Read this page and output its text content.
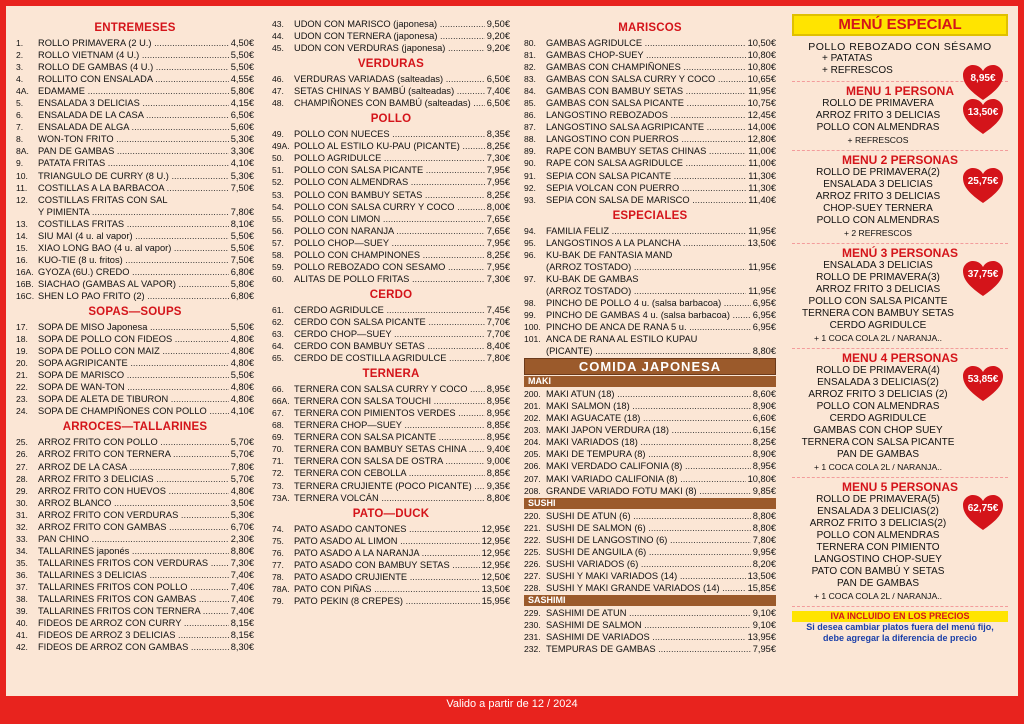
ENTREMESES
1.	ROLLO PRIMAVERA (2 U.) .....	4,50€
2.	ROLLO VIETNAM (4 U.) .....	5,50€
3.	ROLLO DE GAMBAS (4 U.) .....	5,50€
4.	ROLLITO CON ENSALADA .....	4,55€
4A. EDAMAME .....	5,80€
5.	ENSALADA 3 DELICIAS .....	4,15€
6.	ENSALADA DE LA CASA .....	6,50€
7.	ENSALADA DE ALGA .....	5,60€
8.	WON-TON FRITO .....	5,30€
8A. PAN DE GAMBAS .....	3,30€
9.	PATATA FRITAS .....	4,10€
10.	TRIANGULO DE CURRY (8 U.) .....	5,30€
11.	COSTILLAS A LA BARBACOA .....	7,50€
12.	COSTILLAS FRITAS CON SAL
Y PIMIENTA .....	7,80€
13.	COSTILLAS FRITAS .....	8,10€
14.	SIU MAI (4 u. al vapor) .....	5,50€
15.	XIAO LONG BAO (4 u. al vapor) .....	5,50€
16.	KUO-TIE (8 u. fritos) .....	7,50€
16A. GYOZA (6U.) CREDO .....	6,80€
16B. SIACHAO (GAMBAS AL VAPOR) .....	5,80€
16C. SHEN LO PAO FRITO (2) .....	6,80€
SOPAS—SOUPS
17.	SOPA DE MISO Japonesa .....	5,50€
18.	SOPA DE POLLO CON FIDEOS .....	4,80€
19.	SOPA DE POLLO CON MAIZ .....	4,80€
20.	SOPA AGRIPICANTE .....	4,80€
21.	SOPA DE MARISCO .....	5,50€
22.	SOPA DE WAN-TON .....	4,80€
23.	SOPA DE ALETA DE TIBURON .....	4,80€
24.	SOPA DE CHAMPIÑONES CON POLLO .....	4,10€
ARROCES—TALLARINES
25.	ARROZ FRITO CON POLLO .....	5,70€
26.	ARROZ FRITO CON TERNERA .....	5,70€
27.	ARROZ DE LA CASA .....	7,80€
28.	ARROZ FRITO 3 DELICIAS .....	5,70€
29.	ARROZ FRITO CON HUEVOS .....	4,80€
30.	ARROZ BLANCO .....	3,50€
31.	ARROZ FRITO CON VERDURAS .....	5,30€
32.	ARROZ FRITO CON GAMBAS .....	6,70€
33.	PAN CHINO .....	2,30€
34.	TALLARINES japonés .....	8,80€
35.	TALLARINES FRITOS CON VERDURAS .....	7,30€
36.	TALLARINES 3 DELICIAS .....	7,40€
37.	TALLARINES FRITOS CON POLLO .....	7,40€
38.	TALLARINES FRITOS CON GAMBAS .....	7,40€
39.	TALLARINES FRITOS CON TERNERA .....	7,40€
40.	FIDEOS DE ARROZ CON CURRY .....	8,15€
41.	FIDEOS DE ARROZ 3 DELICIAS .....	8,15€
42.	FIDEOS DE ARROZ CON GAMBAS .....	8,30€
43.	UDON CON MARISCO (japonesa) .....	9,50€
44.	UDON CON TERNERA (japonesa) .....	9,20€
45.	UDON CON VERDURAS (japonesa) .....	9,20€
VERDURAS
46.	VERDURAS VARIADAS (salteadas) .....	6,50€
47.	SETAS CHINAS Y BAMBÚ (salteadas) .....	7,40€
48.	CHAMPIÑONES CON BAMBÚ (salteadas) .....	6,50€
POLLO
49.	POLLO CON NUECES .....	8,35€
49A. POLLO AL ESTILO KU-PAU (PICANTE) .....	8,25€
50.	POLLO AGRIDULCE .....	7,30€
51.	POLLO CON SALSA PICANTE .....	7,95€
52.	POLLO CON ALMENDRAS .....	7,95€
53.	POLLO CON BAMBUY SETAS .....	8,25€
54.	POLLO CON SALSA CURRY Y COCO .....	8,00€
55.	POLLO CON LIMON .....	7,65€
56.	POLLO CON NARANJA .....	7,65€
57.	POLLO CHOP—SUEY .....	7,95€
58.	POLLO CON CHAMPINONES .....	8,25€
59.	POLLO REBOZADO CON SESAMO .....	7,95€
60.	ALITAS DE POLLO FRITAS .....	7,30€
CERDO
61.	CERDO AGRIDULCE .....	7,45€
62.	CERDO CON SALSA PICANTE .....	7,70€
63.	CERDO CHOP—SUEY .....	7,70€
64.	CERDO CON BAMBUY SETAS .....	8,40€
65.	CERDO DE COSTILLA AGRIDULCE .....	7,80€
TERNERA
66.	TERNERA CON SALSA CURRY Y COCO .....	8,95€
66A. TERNERA CON SALSA TOUCHI .....	8,95€
67.	TERNERA CON PIMIENTOS VERDES .....	8,95€
68.	TERNERA CHOP—SUEY .....	8,85€
69.	TERNERA CON SALSA PICANTE .....	8,95€
70.	TERNERA CON BAMBUY SETAS CHINA .....	9,40€
71.	TERNERA CON SALSA DE OSTRA .....	9,00€
72.	TERNERA CON CEBOLLA .....	8,85€
73.	TERNERA CRUJIENTE (POCO PICANTE) .....	9,35€
73A. TERNERA VOLCÁN .....	8,80€
PATO—DUCK
74.	PATO ASADO CANTONES .....	12,95€
75.	PATO ASADO AL LIMON .....	12,95€
76.	PATO ASADO A LA NARANJA .....	12,95€
77.	PATO ASADO CON BAMBUY SETAS .....	12,95€
78.	PATO ASADO CRUJIENTE .....	12,50€
78A. PATO CON PIÑAS .....	13,50€
79.	PATO PEKIN (8 CREPES) .....	15,95€
MARISCOS
80.	GAMBAS AGRIDULCE .....	10,50€
81.	GAMBAS CHOP-SUEY .....	10,80€
82.	GAMBAS CON CHAMPIÑONES .....	10,80€
83.	GAMBAS CON SALSA CURRY Y COCO .....	10,65€
84.	GAMBAS CON BAMBUY SETAS .....	11,95€
85.	GAMBAS CON SALSA PICANTE .....	10,75€
86.	LANGOSTINO REBOZADOS .....	12,45€
87.	LANGOSTINO SALSA AGRIPICANTE .....	14,00€
88.	LANGOSTINO CON PUERROS .....	12,80€
89.	RAPE CON BAMBUY SETAS CHINAS .....	11,00€
90.	RAPE CON SALSA AGRIDULCE .....	11,00€
91.	SEPIA CON SALSA PICANTE .....	11,30€
92.	SEPIA VOLCAN CON PUERRO .....	11,30€
93.	SEPIA CON SALSA DE MARISCO .....	11,40€
ESPECIALES
94.	FAMILIA FELIZ .....	11,95€
95.	LANGOSTINOS A LA PLANCHA .....	13,50€
96.	KU-BAK DE FANTASIA MAND
(ARROZ TOSTADO) .....	11,95€
97.	KU-BAK DE GAMBAS
(ARROZ TOSTADO) .....	11,95€
98.	PINCHO DE POLLO 4 u. (salsa barbacoa) .....	6,95€
99.	PINCHO DE GAMBAS 4 u. (salsa barbacoa) .....	6,95€
100. PINCHO DE ANCA DE RANA 5 u. .....	6,95€
101. ANCA DE RANA AL ESTILO KUPAU
(PICANTE) .....	8,80€
COMIDA JAPONESA
MAKI
200. MAKI ATUN (18) .....	8,60€
201. MAKI SALMON (18) .....	8,90€
202. MAKI AGUACATE (18) .....	6,60€
203. MAKI JAPON VERDURA (18) .....	6,15€
204. MAKI VARIADOS (18) .....	8,25€
205. MAKI DE TEMPURA (8) .....	8,90€
206. MAKI VERDADO CALIFONIA (8) .....	8,95€
207. MAKI VARIADO CALIFONIA (8) .....	10,80€
208. GRANDE VARIADO FOTU MAKI (8) .....	9,85€
SUSHI
220. SUSHI DE ATUN (6) .....	8,80€
221. SUSHI DE SALMON (6) .....	8,80€
222. SUSHI DE LANGOSTINO (6) .....	7,80€
225. SUSHI DE ANGUILA (6) .....	9,95€
226. SUSHI VARIADOS (6) .....	8,20€
227. SUSHI Y MAKI VARIADOS (14) .....	13,50€
228. SUSHI Y MAKI GRANDE VARIADOS (14) .....	15,85€
SASHIMI
229. SASHIMI DE ATUN .....	9,10€
230. SASHIMI DE SALMON .....	9,10€
231. SASHIMI DE VARIADOS .....	13,95€
232. TEMPURAS DE GAMBAS .....	7,95€
MENÚ ESPECIAL
POLLO REBOZADO CON SÉSAMO
+ PATATAS
+ REFRESCOS
8,95€
MENU 1 PERSONA
ROLLO DE PRIMAVERA
ARROZ FRITO 3 DELICIAS
POLLO CON ALMENDRAS
+ REFRESCOS
13,50€
MENU 2 PERSONAS
ROLLO DE PRIMAVERA(2)
ENSALADA 3 DELICIAS
ARROZ FRITO 3 DELICIAS
CHOP-SUEY TERNERA
POLLO CON ALMENDRAS
+ 2 REFRESCOS
25,75€
MENÚ 3 PERSONAS
ENSALADA 3 DELICIAS
ROLLO DE PRIMAVERA(3)
ARROZ FRITO 3 DELICIAS
POLLO CON SALSA PICANTE
TERNERA CON BAMBUY SETAS
CERDO AGRIDULCE
+ 1 COCA COLA 2L / NARANJA..
37,75€
MENU 4 PERSONAS
ROLLO DE PRIMAVERA(4)
ENSALADA 3 DELICIAS(2)
ARROZ FRITO 3 DELICIAS (2)
POLLO CON ALMENDRAS
CERDO AGRIDULCE
GAMBAS CON CHOP SUEY
TERNERA CON SALSA PICANTE
PAN DE GAMBAS
+ 1 COCA COLA 2L / NARANJA..
53,85€
MENU 5 PERSONAS
ROLLO DE PRIMAVERA(5)
ENSALADA 3 DELICIAS(2)
ARROZ FRITO 3 DELICIAS(2)
POLLO CON ALMENDRAS
TERNERA CON PIMIENTO
LANGOSTINO CHOP-SUEY
PATO CON BAMBÚ Y SETAS
PAN DE GAMBAS
+ 1 COCA COLA 2L / NARANJA..
62,75€
IVA INCLUIDO EN LOS PRECIOS
Si desea cambiar platos fuera del menú fijo,
debe agregar la diferencia de precio
Valido a partir de 12 / 2024
